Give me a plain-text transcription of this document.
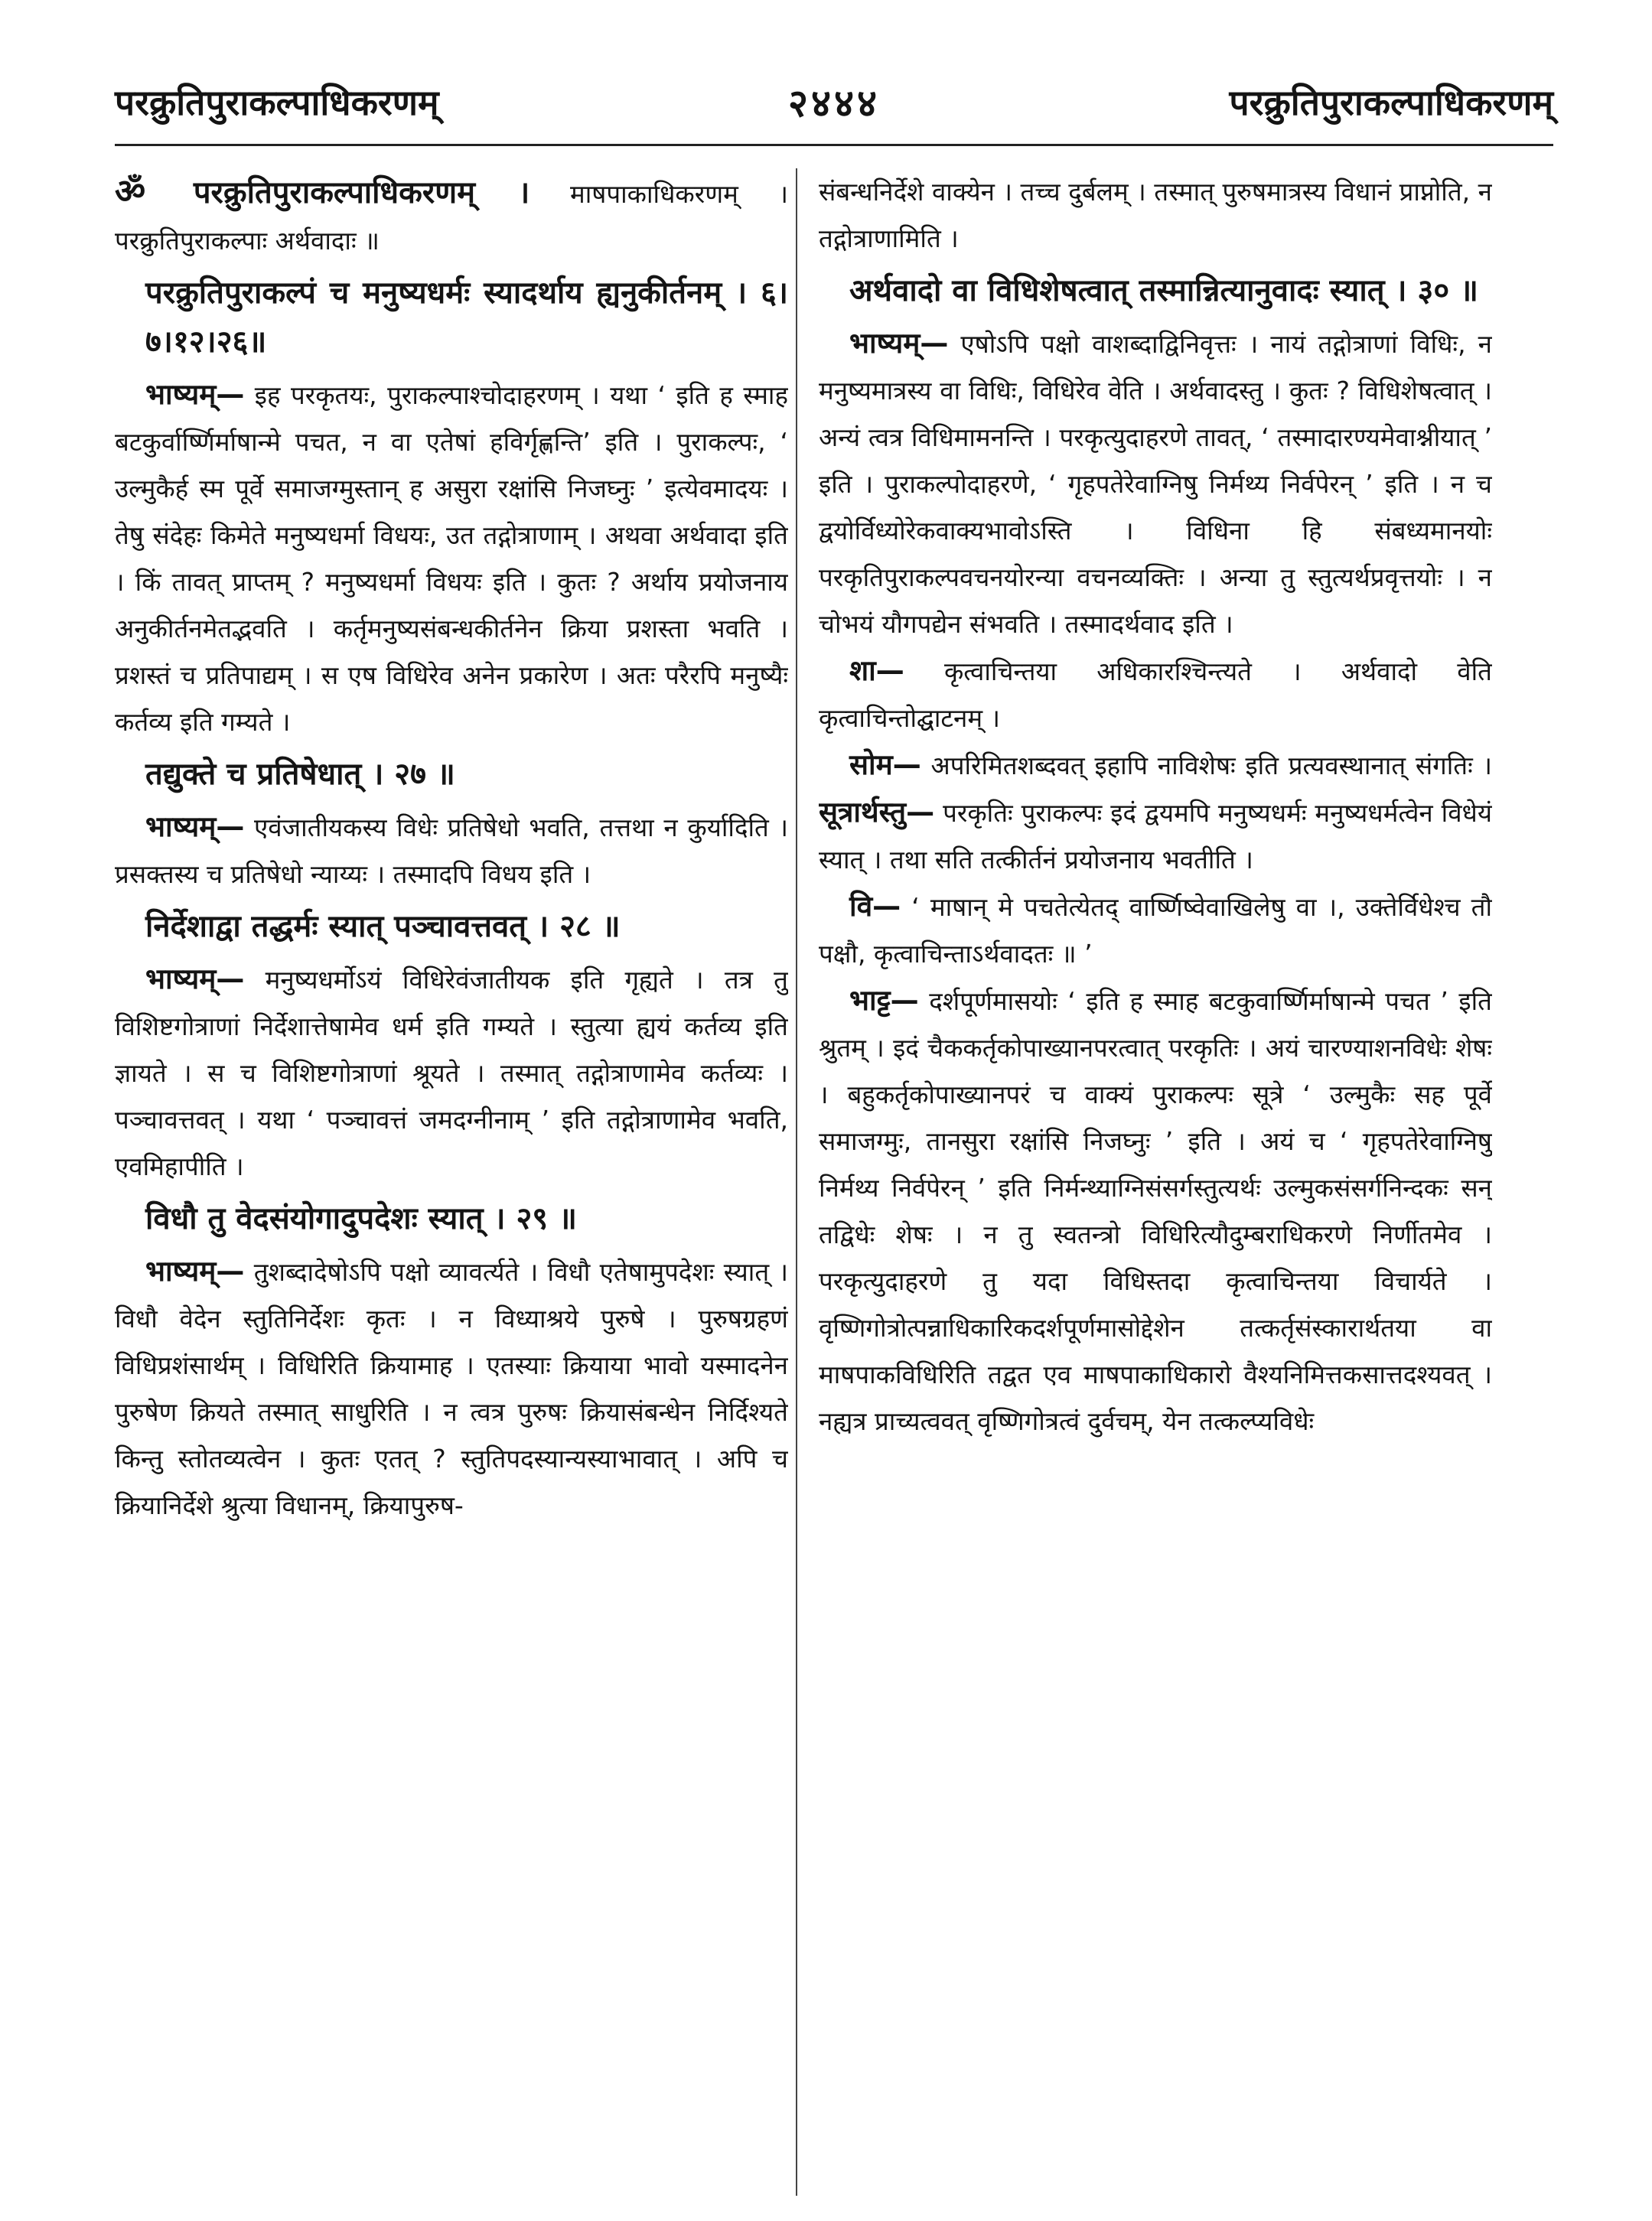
परक्रुतिपुराकल्पाधिकरणम्	२४४४	परक्रुतिपुराकल्पाधिकरणम्

ॐ परक्रुतिपुराकल्पाधिकरणम् । माषपाकाधिकरणम् । परक्रुतिपुराकल्पाः अर्थवादाः ॥

परक्रुतिपुराकल्पं च मनुष्यधर्मः स्यादर्थाय ह्यनुकीर्तनम् । ६।७।१२।२६॥

भाष्यम्— इह परकृतयः, पुराकल्पाश्चोदाहरणम् । यथा ‘ इति ह स्माह बटकुर्वार्ष्णिर्माषान्मे पचत, न वा एतेषां हविर्गृह्णन्ति’ इति । पुराकल्पः, ‘ उल्मुकैर्ह स्म पूर्वे समाजग्मुस्तान् ह असुरा रक्षांसि निजघ्नुः ’ इत्येवमादयः । तेषु संदेहः किमेते मनुष्यधर्मा विधयः, उत तद्गोत्राणाम् । अथवा अर्थवादा इति । किं तावत् प्राप्तम् ? मनुष्यधर्मा विधयः इति । कुतः ? अर्थाय प्रयोजनाय अनुकीर्तनमेतद्भवति । कर्तृमनुष्यसंबन्धकीर्तनेन क्रिया प्रशस्ता भवति । प्रशस्तं च प्रतिपाद्यम् । स एष विधिरेव अनेन प्रकारेण । अतः परैरपि मनुष्यैः कर्तव्य इति गम्यते ।

तद्युक्ते च प्रतिषेधात् । २७ ॥

भाष्यम्— एवंजातीयकस्य विधेः प्रतिषेधो भवति, तत्तथा न कुर्यादिति । प्रसक्तस्य च प्रतिषेधो न्याय्यः । तस्मादपि विधय इति ।

निर्देशाद्वा तद्धर्मः स्यात् पञ्चावत्तवत् । २८ ॥

भाष्यम्— मनुष्यधर्मोऽयं विधिरेवंजातीयक इति गृह्यते । तत्र तु विशिष्टगोत्राणां निर्देशात्तेषामेव धर्म इति गम्यते । स्तुत्या ह्ययं कर्तव्य इति ज्ञायते । स च विशिष्टगोत्राणां श्रूयते । तस्मात् तद्गोत्राणामेव कर्तव्यः । पञ्चावत्तवत् । यथा ‘ पञ्चावत्तं जमदग्नीनाम् ’ इति तद्गोत्राणामेव भवति, एवमिहापीति ।

विधौ तु वेदसंयोगादुपदेशः स्यात् । २९ ॥

भाष्यम्— तुशब्दादेषोऽपि पक्षो व्यावर्त्यते । विधौ एतेषामुपदेशः स्यात् । विधौ वेदेन स्तुतिनिर्देशः कृतः । न विध्याश्रये पुरुषे । पुरुषग्रहणं विधिप्रशंसार्थम् । विधिरिति क्रियामाह । एतस्याः क्रियाया भावो यस्मादनेन पुरुषेण क्रियते तस्मात् साधुरिति । न त्वत्र पुरुषः क्रियासंबन्धेन निर्दिश्यते किन्तु स्तोतव्यत्वेन । कुतः एतत् ? स्तुतिपदस्यान्यस्याभावात् । अपि च क्रियानिर्देशे श्रुत्या विधानम्, क्रियापुरुष-

संबन्धनिर्देशे वाक्येन । तच्च दुर्बलम् । तस्मात् पुरुषमात्रस्य विधानं प्राप्नोति, न तद्गोत्राणामिति ।

अर्थवादो वा विधिशेषत्वात् तस्मान्नित्यानुवादः स्यात् । ३० ॥

भाष्यम्— एषोऽपि पक्षो वाशब्दाद्विनिवृत्तः । नायं तद्गोत्राणां विधिः, न मनुष्यमात्रस्य वा विधिः, विधिरेव वेति । अर्थवादस्तु । कुतः ? विधिशेषत्वात् । अन्यं त्वत्र विधिमामनन्ति । परकृत्युदाहरणे तावत्, ‘ तस्मादारण्यमेवाश्नीयात् ’ इति । पुराकल्पोदाहरणे, ‘ गृहपतेरेवाग्निषु निर्मथ्य निर्वपेरन् ’ इति । न च द्वयोर्विध्योरेकवाक्यभावोऽस्ति । विधिना हि संबध्यमानयोः परकृतिपुराकल्पवचनयोरन्या वचनव्यक्तिः । अन्या तु स्तुत्यर्थप्रवृत्तयोः । न चोभयं यौगपद्येन संभवति । तस्मादर्थवाद इति ।

शा— कृत्वाचिन्तया अधिकारश्चिन्त्यते । अर्थवादो वेति कृत्वाचिन्तोद्घाटनम् ।

सोम— अपरिमितशब्दवत् इहापि नाविशेषः इति प्रत्यवस्थानात् संगतिः । सूत्रार्थस्तु— परकृतिः पुराकल्पः इदं द्वयमपि मनुष्यधर्मः मनुष्यधर्मत्वेन विधेयं स्यात् । तथा सति तत्कीर्तनं प्रयोजनाय भवतीति ।

वि— ‘ माषान् मे पचतेत्येतद् वार्ष्णिष्वेवाखिलेषु वा ।, उक्तेर्विधेश्च तौ पक्षौ, कृत्वाचिन्ताऽर्थवादतः ॥ ’

भाट्ट— दर्शपूर्णमासयोः ‘ इति ह स्माह बटकुवार्ष्णिर्माषान्मे पचत ’ इति श्रुतम् । इदं चैककर्तृकोपाख्यानपरत्वात् परकृतिः । अयं चारण्याशनविधेः शेषः । बहुकर्तृकोपाख्यानपरं च वाक्यं पुराकल्पः सूत्रे ‘ उल्मुकैः सह पूर्वे समाजग्मुः, तानसुरा रक्षांसि निजघ्नुः ’ इति । अयं च ‘ गृहपतेरेवाग्निषु निर्मथ्य निर्वपेरन् ’ इति निर्मन्थ्याग्निसंसर्गस्तुत्यर्थः उल्मुकसंसर्गनिन्दकः सन् तद्विधेः शेषः । न तु स्वतन्त्रो विधिरित्यौदुम्बराधिकरणे निर्णीतमेव । परकृत्युदाहरणे तु यदा विधिस्तदा कृत्वाचिन्तया विचार्यते । वृष्णिगोत्रोत्पन्नाधिकारिकदर्शपूर्णमासोद्देशेन तत्कर्तृसंस्कारार्थतया वा माषपाकविधिरिति तद्वत एव माषपाकाधिकारो वैश्यनिमित्तकसात्तदश्यवत् । नह्यत्र प्राच्यत्ववत् वृष्णिगोत्रत्वं दुर्वचम्, येन तत्कल्प्यविधेः
